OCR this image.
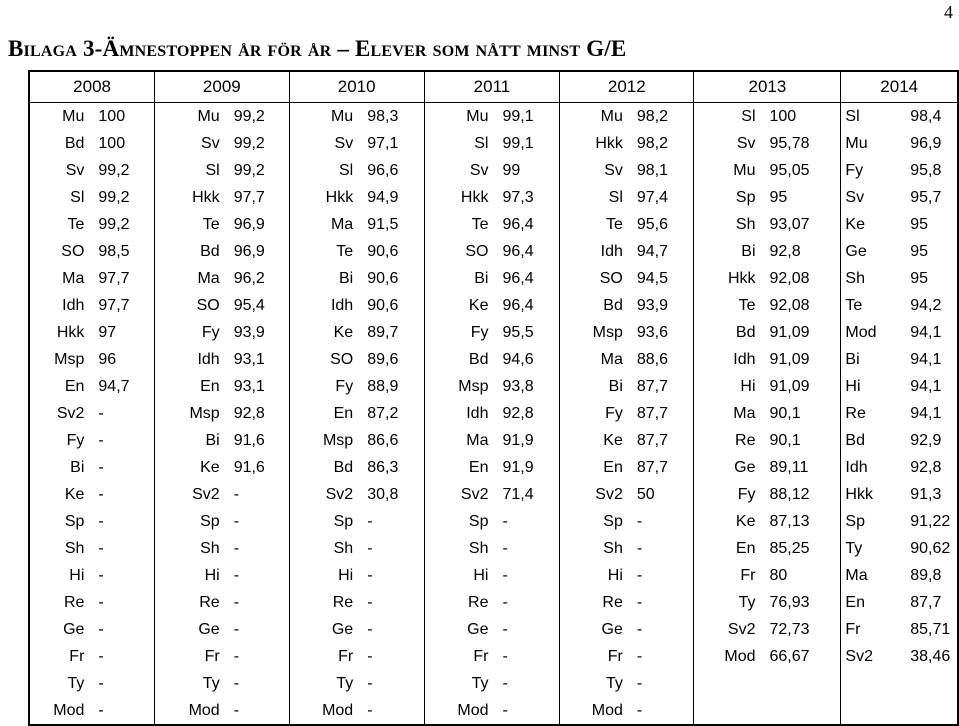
4
Bilaga 3-Ämnestoppen år för år – Elever som nått minst G/E
2008		2009		2010		2011		2012		2013		2014	
Mu	100	Mu	99,2	Mu	98,3	Mu	99,1	Mu	98,2	Sl	100	Sl	98,4
Bd	100	Sv	99,2	Sv	97,1	Sl	99,1	Hkk	98,2	Sv	95,78	Mu	96,9
Sv	99,2	Sl	99,2	Sl	96,6	Sv	99	Sv	98,1	Mu	95,05	Fy	95,8
Sl	99,2	Hkk	97,7	Hkk	94,9	Hkk	97,3	Sl	97,4	Sp	95	Sv	95,7
Te	99,2	Te	96,9	Ma	91,5	Te	96,4	Te	95,6	Sh	93,07	Ke	95
SO	98,5	Bd	96,9	Te	90,6	SO	96,4	Idh	94,7	Bi	92,8	Ge	95
Ma	97,7	Ma	96,2	Bi	90,6	Bi	96,4	SO	94,5	Hkk	92,08	Sh	95
Idh	97,7	SO	95,4	Idh	90,6	Ke	96,4	Bd	93,9	Te	92,08	Te	94,2
Hkk	97	Fy	93,9	Ke	89,7	Fy	95,5	Msp	93,6	Bd	91,09	Mod	94,1
Msp	96	Idh	93,1	SO	89,6	Bd	94,6	Ma	88,6	Idh	91,09	Bi	94,1
En	94,7	En	93,1	Fy	88,9	Msp	93,8	Bi	87,7	Hi	91,09	Hi	94,1
Sv2	-	Msp	92,8	En	87,2	Idh	92,8	Fy	87,7	Ma	90,1	Re	94,1
Fy	-	Bi	91,6	Msp	86,6	Ma	91,9	Ke	87,7	Re	90,1	Bd	92,9
Bi	-	Ke	91,6	Bd	86,3	En	91,9	En	87,7	Ge	89,11	Idh	92,8
Ke	-	Sv2	-	Sv2	30,8	Sv2	71,4	Sv2	50	Fy	88,12	Hkk	91,3
Sp	-	Sp	-	Sp	-	Sp	-	Sp	-	Ke	87,13	Sp	91,22
Sh	-	Sh	-	Sh	-	Sh	-	Sh	-	En	85,25	Ty	90,62
Hi	-	Hi	-	Hi	-	Hi	-	Hi	-	Fr	80	Ma	89,8
Re	-	Re	-	Re	-	Re	-	Re	-	Ty	76,93	En	87,7
Ge	-	Ge	-	Ge	-	Ge	-	Ge	-	Sv2	72,73	Fr	85,71
Fr	-	Fr	-	Fr	-	Fr	-	Fr	-	Mod	66,67	Sv2	38,46
Ty	-	Ty	-	Ty	-	Ty	-	Ty	-				
Mod	-	Mod	-	Mod	-	Mod	-	Mod	-				
